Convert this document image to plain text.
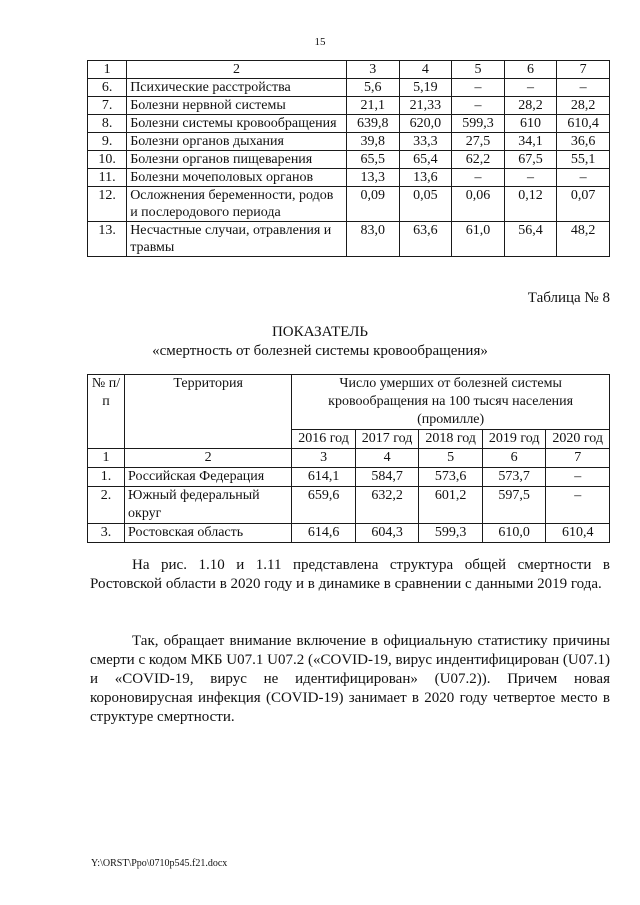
15
1	2	3	4	5	6	7
6.	Психические расстройства	5,6	5,19	–	–	–
7.	Болезни нервной системы	21,1	21,33	–	28,2	28,2
8.	Болезни системы кровообращения	639,8	620,0	599,3	610	610,4
9.	Болезни органов дыхания	39,8	33,3	27,5	34,1	36,6
10.	Болезни органов пищеварения	65,5	65,4	62,2	67,5	55,1
11.	Болезни мочеполовых органов	13,3	13,6	–	–	–
12.	Осложнения беременности, родов и послеродового периода	0,09	0,05	0,06	0,12	0,07
13.	Несчастные случаи, отравления и травмы	83,0	63,6	61,0	56,4	48,2
Таблица № 8
ПОКАЗАТЕЛЬ
«смертность от болезней системы кровообращения»
№ п/п	Территория	Число умерших от болезней системы кровообращения на 100 тысяч населения (промилле)				
		2016 год	2017 год	2018 год	2019 год	2020 год
1	2	3	4	5	6	7
1.	Российская Федерация	614,1	584,7	573,6	573,7	–
2.	Южный федеральный округ	659,6	632,2	601,2	597,5	–
3.	Ростовская область	614,6	604,3	599,3	610,0	610,4
На рис. 1.10 и 1.11 представлена структура общей смертности в Ростовской области в 2020 году и в динамике в сравнении с данными 2019 года.
Так, обращает внимание включение в официальную статистику причины смерти с кодом МКБ U07.1 U07.2 («COVID-19, вирус индентифицирован (U07.1) и «COVID-19, вирус не идентифицирован» (U07.2)). Причем новая короновирусная инфекция (COVID-19) занимает в 2020 году четвертое место в структуре смертности.
Y:\ORST\Ppo\0710p545.f21.docx
